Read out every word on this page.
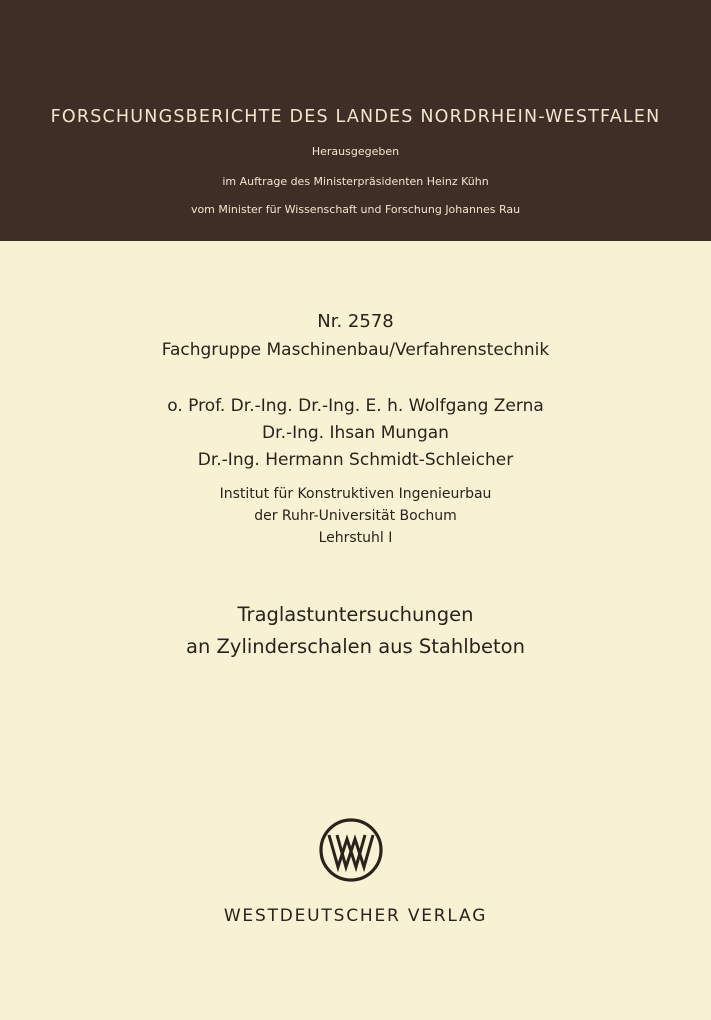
FORSCHUNGSBERICHTE DES LANDES NORDRHEIN-WESTFALEN
Herausgegeben
im Auftrage des Ministerpräsidenten Heinz Kühn
vom Minister für Wissenschaft und Forschung Johannes Rau
Nr. 2578
Fachgruppe Maschinenbau/Verfahrenstechnik
o. Prof. Dr.-Ing. Dr.-Ing. E. h. Wolfgang Zerna
Dr.-Ing. Ihsan Mungan
Dr.-Ing. Hermann Schmidt-Schleicher
Institut für Konstruktiven Ingenieurbau
der Ruhr-Universität Bochum
Lehrstuhl I
Traglastuntersuchungen
an Zylinderschalen aus Stahlbeton
WESTDEUTSCHER VERLAG
